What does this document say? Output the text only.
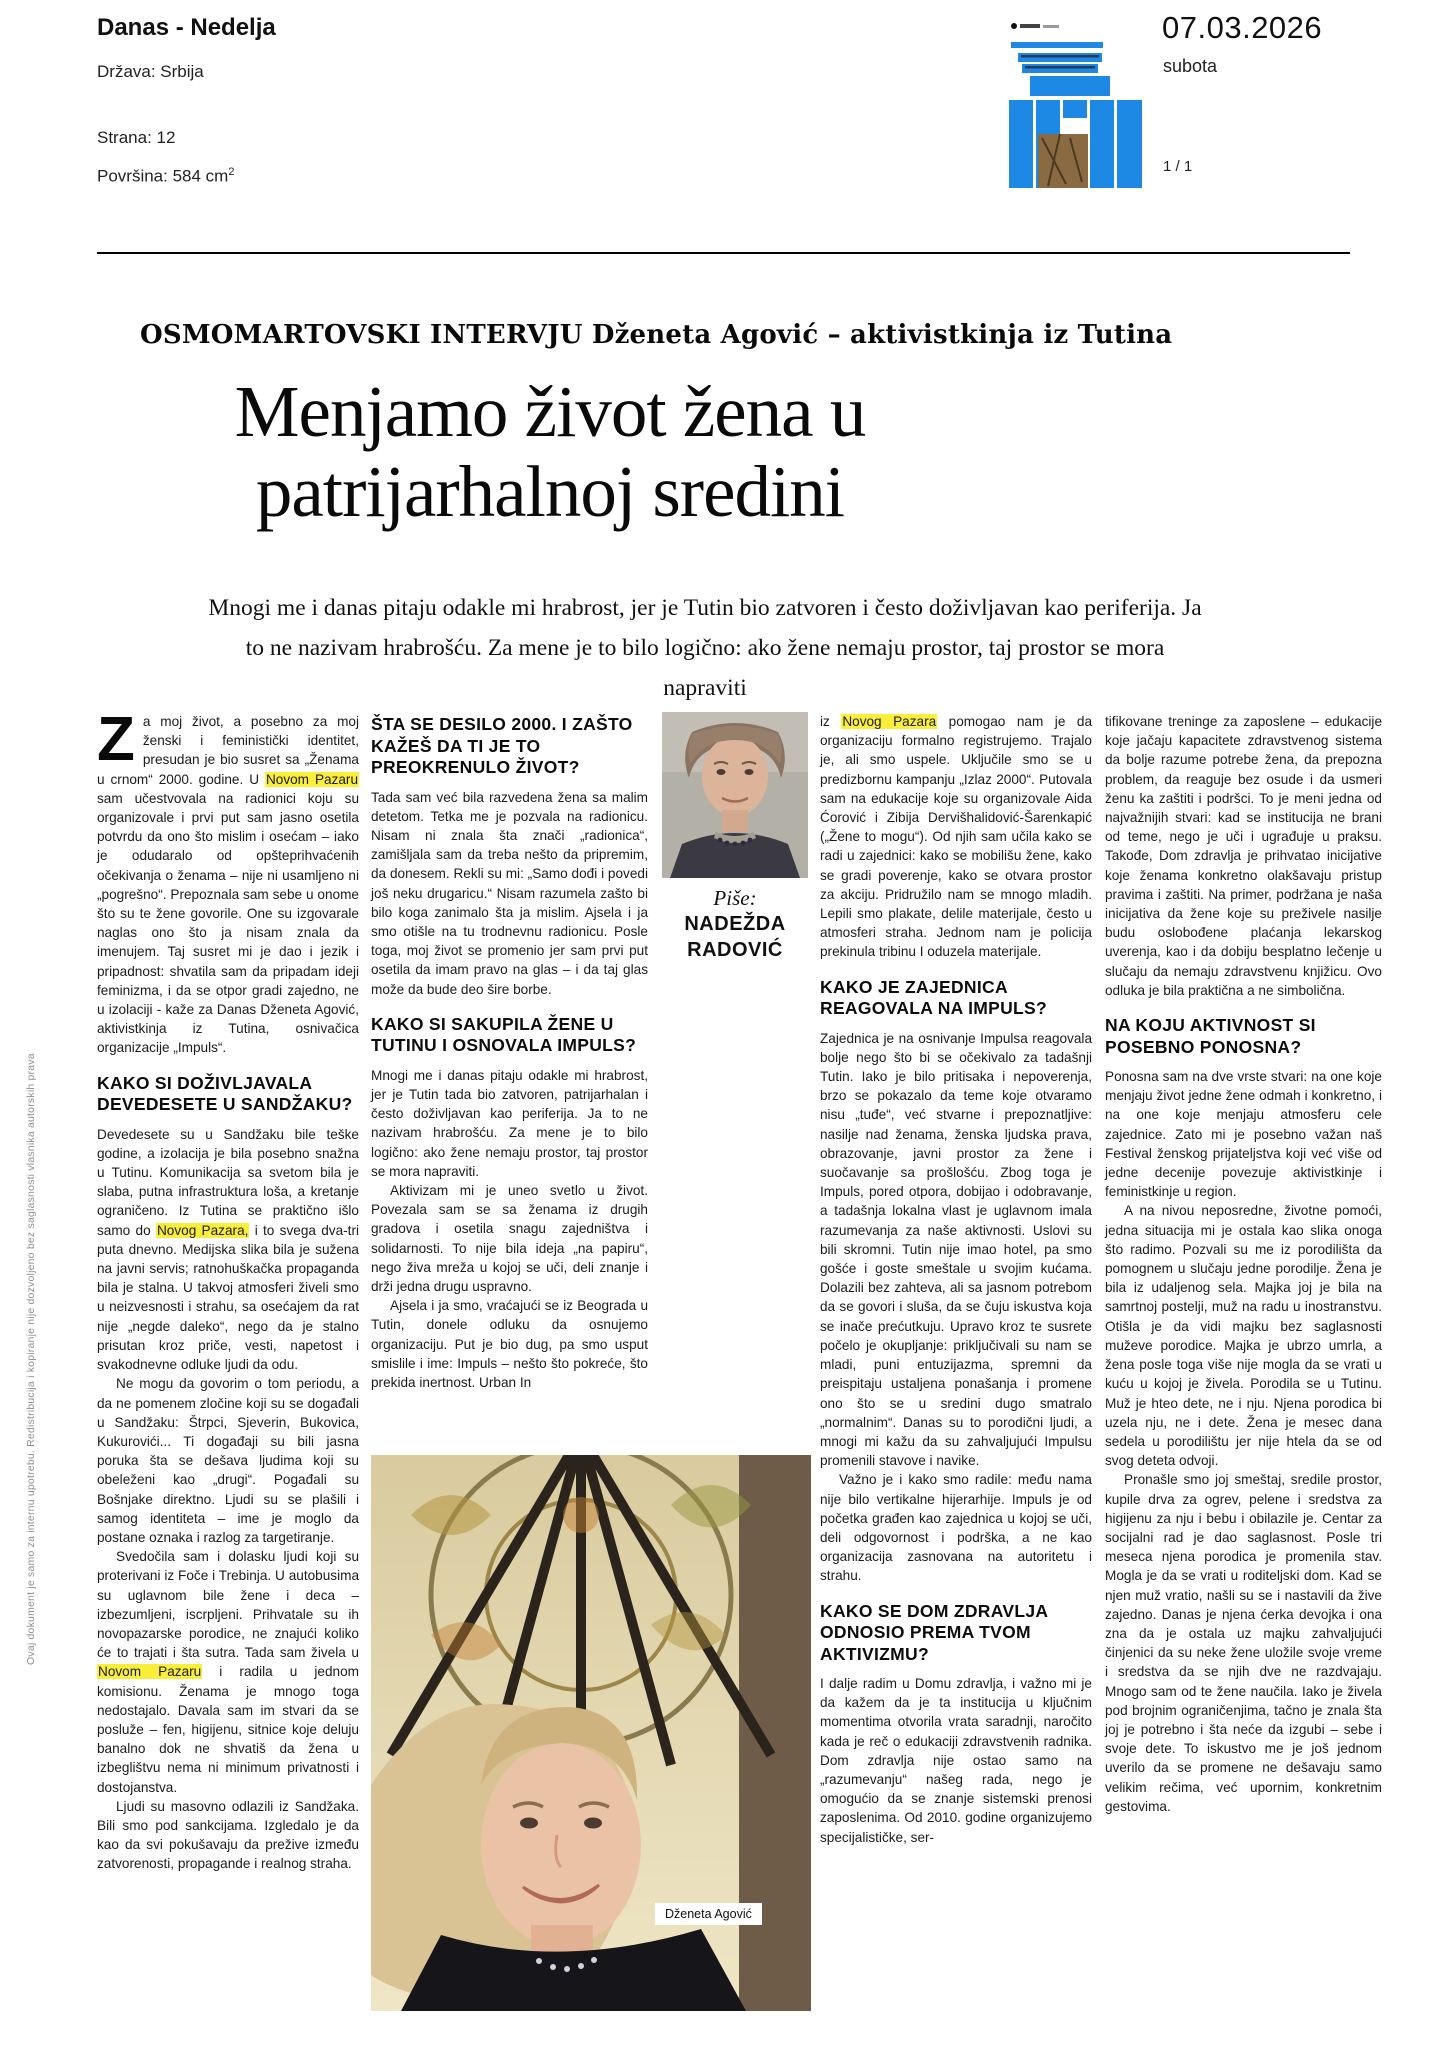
Danas - Nedelja
Država: Srbija
Strana: 12
Površina: 584 $cm^2$
07.03.2026
subota
1 / 1
OSMOMARTOVSKI INTERVJU Dženeta Agović – aktivistkinja iz Tutina
Menjamo život žena u
patrijarhalnoj sredini
Mnogi me i danas pitaju odakle mi hrabrost, jer je Tutin bio zatvoren i često doživljavan kao periferija. Ja to ne nazivam hrabrošću. Za mene je to bilo logično: ako žene nemaju prostor, taj prostor se mora napraviti

Za moj život, a posebno za moj ženski i feministički identitet, presudan je bio susret sa „Ženama u crnom“ 2000. godine. U Novom Pazaru sam učestvovala na radionici koju su organizovale i prvi put sam jasno osetila potvrdu da ono što mislim i osećam – iako je odudaralo od opšteprihvaćenih očekivanja o ženama – nije ni usamljeno ni „pogrešno“. Prepoznala sam sebe u onome što su te žene govorile. One su izgovarale naglas ono što ja nisam znala da imenujem. Taj susret mi je dao i jezik i pripadnost: shvatila sam da pripadam ideji feminizma, i da se otpor gradi zajedno, ne u izolaciji - kaže za Danas Dženeta Agović, aktivistkinja iz Tutina, osnivačica organizacije „Impuls“.

KAKO SI DOŽIVLJAVALA DEVEDESETE U SANDŽAKU?

Devedesete su u Sandžaku bile teške godine, a izolacija je bila posebno snažna u Tutinu. Komunikacija sa svetom bila je slaba, putna infrastruktura loša, a kretanje ograničeno. Iz Tutina se praktično išlo samo do Novog Pazara, i to svega dva-tri puta dnevno. Medijska slika bila je sužena na javni servis; ratnohuškačka propaganda bila je stalna. U takvoj atmosferi živeli smo u neizvesnosti i strahu, sa osećajem da rat nije „negde daleko“, nego da je stalno prisutan kroz priče, vesti, napetost i svakodnevne odluke ljudi da odu.

Ne mogu da govorim o tom periodu, a da ne pomenem zločine koji su se događali u Sandžaku: Štrpci, Sjeverin, Bukovica, Kukurovići... Ti događaji su bili jasna poruka šta se dešava ljudima koji su obeleženi kao „drugi“. Pogađali su Bošnjake direktno. Ljudi su se plašili i samog identiteta – ime je moglo da postane oznaka i razlog za targetiranje.

Svedočila sam i dolasku ljudi koji su proterivani iz Foče i Trebinja. U autobusima su uglavnom bile žene i deca – izbezumljeni, iscrpljeni. Prihvatale su ih novopazarske porodice, ne znajući koliko će to trajati i šta sutra. Tada sam živela u Novom Pazaru i radila u jednom komisionu. Ženama je mnogo toga nedostajalo. Davala sam im stvari da se posluže – fen, higijenu, sitnice koje deluju banalno dok ne shvatiš da žena u izbeglištvu nema ni minimum privatnosti i dostojanstva.

Ljudi su masovno odlazili iz Sandžaka. Bili smo pod sankcijama. Izgledalo je da kao da svi pokušavaju da prežive između zatvorenosti, propagande i realnog straha.

ŠTA SE DESILO 2000. I ZAŠTO KAŽEŠ DA TI JE TO PREOKRENULO ŽIVOT?

Tada sam već bila razvedena žena sa malim detetom. Tetka me je pozvala na radionicu. Nisam ni znala šta znači „radionica“, zamišljala sam da treba nešto da pripremim, da donesem. Rekli su mi: „Samo dođi i povedi još neku drugaricu.“ Nisam razumela zašto bi bilo koga zanimalo šta ja mislim. Ajsela i ja smo otišle na tu trodnevnu radionicu. Posle toga, moj život se promenio jer sam prvi put osetila da imam pravo na glas – i da taj glas može da bude deo šire borbe.

KAKO SI SAKUPILA ŽENE U TUTINU I OSNOVALA IMPULS?

Mnogi me i danas pitaju odakle mi hrabrost, jer je Tutin tada bio zatvoren, patrijarhalan i često doživljavan kao periferija. Ja to ne nazivam hrabrošću. Za mene je to bilo logično: ako žene nemaju prostor, taj prostor se mora napraviti.

Aktivizam mi je uneo svetlo u život. Povezala sam se sa ženama iz drugih gradova i osetila snagu zajedništva i solidarnosti. To nije bila ideja „na papiru“, nego živa mreža u kojoj se uči, deli znanje i drži jedna drugu uspravno.

Ajsela i ja smo, vraćajući se iz Beograda u Tutin, donele odluku da osnujemo organizaciju. Put je bio dug, pa smo usput smislile i ime: Impuls – nešto što pokreće, što prekida inertnost. Urban In

iz Novog Pazara pomogao nam je da organizaciju formalno registrujemo. Trajalo je, ali smo uspele. Uključile smo se u predizbornu kampanju „Izlaz 2000“. Putovala sam na edukacije koje su organizovale Aida Ćorović i Zibija Dervišhalidović-Šarenkapić („Žene to mogu“). Od njih sam učila kako se radi u zajednici: kako se mobilišu žene, kako se gradi poverenje, kako se otvara prostor za akciju. Pridružilo nam se mnogo mladih. Lepili smo plakate, delile materijale, često u atmosferi straha. Jednom nam je policija prekinula tribinu I oduzela materijale.

KAKO JE ZAJEDNICA REAGOVALA NA IMPULS?

Zajednica je na osnivanje Impulsa reagovala bolje nego što bi se očekivalo za tadašnji Tutin. Iako je bilo pritisaka i nepoverenja, brzo se pokazalo da teme koje otvaramo nisu „tuđe“, već stvarne i prepoznatljive: nasilje nad ženama, ženska ljudska prava, obrazovanje, javni prostor za žene i suočavanje sa prošlošću. Zbog toga je Impuls, pored otpora, dobijao i odobravanje, a tadašnja lokalna vlast je uglavnom imala razumevanja za naše aktivnosti. Uslovi su bili skromni. Tutin nije imao hotel, pa smo gošće i goste smeštale u svojim kućama. Dolazili bez zahteva, ali sa jasnom potrebom da se govori i sluša, da se čuju iskustva koja se inače prećutkuju. Upravo kroz te susrete počelo je okupljanje: priključivali su nam se mladi, puni entuzijazma, spremni da preispitaju ustaljena ponašanja i promene ono što se u sredini dugo smatralo „normalnim“. Danas su to porodični ljudi, a mnogi mi kažu da su zahvaljujući Impulsu promenili stavove i navike.

Važno je i kako smo radile: među nama nije bilo vertikalne hijerarhije. Impuls je od početka građen kao zajednica u kojoj se uči, deli odgovornost i podrška, a ne kao organizacija zasnovana na autoritetu i strahu.

KAKO SE DOM ZDRAVLJA ODNOSIO PREMA TVOM AKTIVIZMU?

I dalje radim u Domu zdravlja, i važno mi je da kažem da je ta institucija u ključnim momentima otvorila vrata saradnji, naročito kada je reč o edukaciji zdravstvenih radnika. Dom zdravlja nije ostao samo na „razumevanju“ našeg rada, nego je omogućio da se znanje sistemski prenosi zaposlenima. Od 2010. godine organizujemo specijalističke, ser-

tifikovane treninge za zaposlene – edukacije koje jačaju kapacitete zdravstvenog sistema da bolje razume potrebe žena, da prepozna problem, da reaguje bez osude i da usmeri ženu ka zaštiti i podršci. To je meni jedna od najvažnijih stvari: kad se institucija ne brani od teme, nego je uči i ugrađuje u praksu. Takođe, Dom zdravlja je prihvatao inicijative koje ženama konkretno olakšavaju pristup pravima i zaštiti. Na primer, podržana je naša inicijativa da žene koje su preživele nasilje budu oslobođene plaćanja lekarskog uverenja, kao i da dobiju besplatno lečenje u slučaju da nemaju zdravstvenu knjižicu. Ovo odluka je bila praktična a ne simbolična.

NA KOJU AKTIVNOST SI POSEBNO PONOSNA?

Ponosna sam na dve vrste stvari: na one koje menjaju život jedne žene odmah i konkretno, i na one koje menjaju atmosferu cele zajednice. Zato mi je posebno važan naš Festival ženskog prijateljstva koji već više od jedne decenije povezuje aktivistkinje i feministkinje u region.

A na nivou neposredne, životne pomoći, jedna situacija mi je ostala kao slika onoga što radimo. Pozvali su me iz porodilišta da pomognem u slučaju jedne porodilje. Žena je bila iz udaljenog sela. Majka joj je bila na samrtnoj postelji, muž na radu u inostranstvu. Otišla je da vidi majku bez saglasnosti muževe porodice. Majka je ubrzo umrla, a žena posle toga više nije mogla da se vrati u kuću u kojoj je živela. Porodila se u Tutinu. Muž je hteo dete, ne i nju. Njena porodica bi uzela nju, ne i dete. Žena je mesec dana sedela u porodilištu jer nije htela da se od svog deteta odvoji.

Pronašle smo joj smeštaj, sredile prostor, kupile drva za ogrev, pelene i sredstva za higijenu za nju i bebu i obilazile je. Centar za socijalni rad je dao saglasnost. Posle tri meseca njena porodica je promenila stav. Mogla je da se vrati u roditeljski dom. Kad se njen muž vratio, našli su se i nastavili da žive zajedno. Danas je njena ćerka devojka i ona zna da je ostala uz majku zahvaljujući činjenici da su neke žene uložile svoje vreme i sredstva da se njih dve ne razdvajaju. Mnogo sam od te žene naučila. Iako je živela pod brojnim ograničenjima, tačno je znala šta joj je potrebno i šta neće da izgubi – sebe i svoje dete. To iskustvo me je još jednom uverilo da se promene ne dešavaju samo velikim rečima, već upornim, konkretnim gestovima.

Piše:
NADEŽDA
RADOVIĆ
Dženeta Agović
Ovaj dokument je samo za internu upotrebu. Redistribucija i kopiranje nije dozvoljeno bez saglasnosti vlasnika autorskih prava
